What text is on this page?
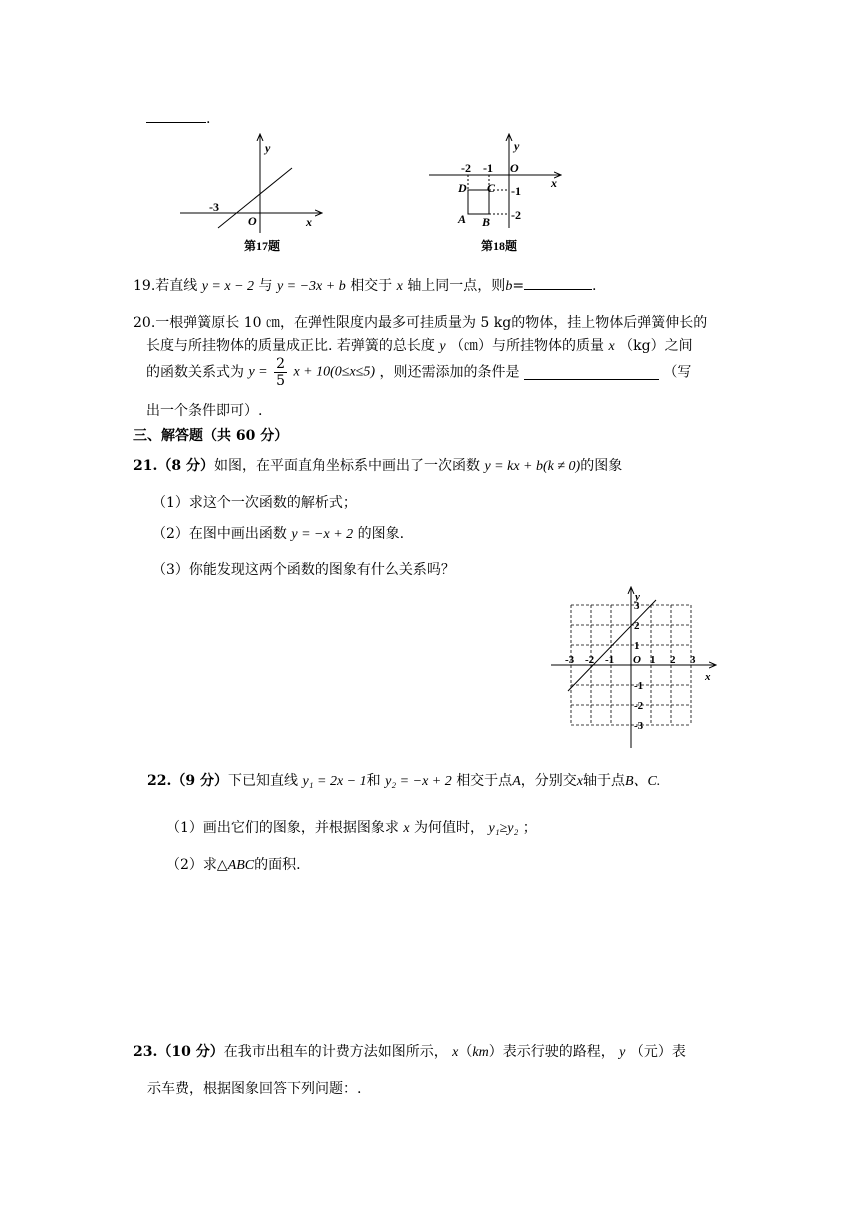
.
y
x
O
-3
第17题
y
x
O
-2 -1
-1
-2
D C
A B
第18题
19.若直线 y = x − 2 与 y = −3x + b 相交于 x 轴上同一点，则b=	.
20.一根弹簧原长 10 ㎝，在弹性限度内最多可挂质量为 5 kg的物体，挂上物体后弹簧伸长的
长度与所挂物体的质量成正比. 若弹簧的总长度 y （㎝）与所挂物体的质量 x （kg）之间
的函数关系式为 $y = \frac{2}{5}$ x + 10(0≤x≤5) ，则还需添加的条件是	（写
出一个条件即可）.
三、解答题（共 60 分）
21.（8 分）如图，在平面直角坐标系中画出了一次函数 y = kx + b(k ≠ 0)的图象
（1）求这个一次函数的解析式；
（2）在图中画出函数 y = −x + 2 的图象.
（3）你能发现这两个函数的图象有什么关系吗？
y
x
O
-3 -2 -1	1 2 3
3
2
1
-1
-2
-3
22.（9 分）下已知直线 y₁ = 2x − 1和 y₂ = −x + 2 相交于点A，分别交x轴于点B、C.
（1）画出它们的图象，并根据图象求 x 为何值时， y₁≥y₂ ；
（2）求△ABC的面积.
23.（10 分）在我市出租车的计费方法如图所示， x（km）表示行驶的路程， y （元）表
示车费，根据图象回答下列问题：.
